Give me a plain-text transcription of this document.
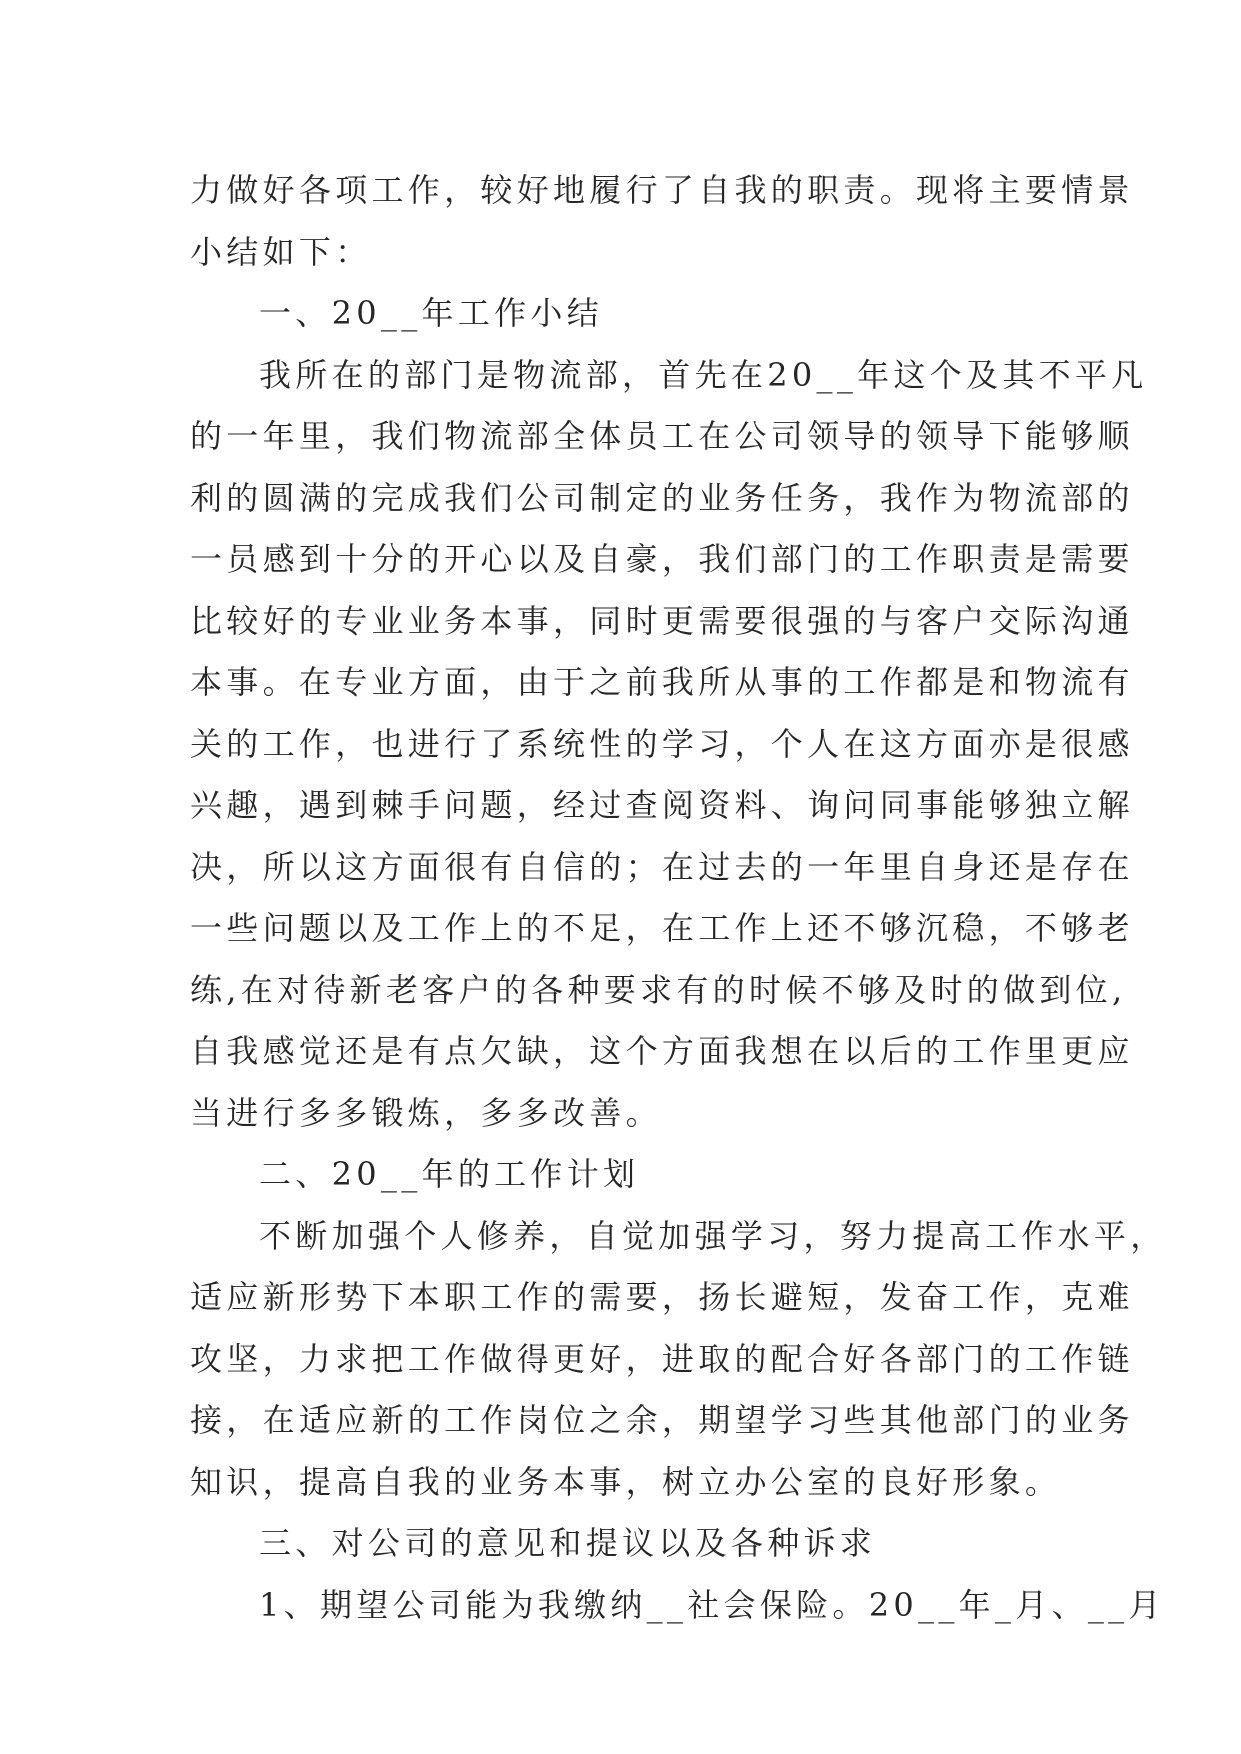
力做好各项工作，较好地履行了自我的职责。现将主要情景
小结如下：
一、20__年工作小结
我所在的部门是物流部，首先在20__年这个及其不平凡
的一年里，我们物流部全体员工在公司领导的领导下能够顺
利的圆满的完成我们公司制定的业务任务，我作为物流部的
一员感到十分的开心以及自豪，我们部门的工作职责是需要
比较好的专业业务本事，同时更需要很强的与客户交际沟通
本事。在专业方面，由于之前我所从事的工作都是和物流有
关的工作，也进行了系统性的学习，个人在这方面亦是很感
兴趣，遇到棘手问题，经过查阅资料、询问同事能够独立解
决，所以这方面很有自信的；在过去的一年里自身还是存在
一些问题以及工作上的不足，在工作上还不够沉稳，不够老
练,在对待新老客户的各种要求有的时候不够及时的做到位,
自我感觉还是有点欠缺，这个方面我想在以后的工作里更应
当进行多多锻炼，多多改善。
二、20__年的工作计划
不断加强个人修养，自觉加强学习，努力提高工作水平，
适应新形势下本职工作的需要，扬长避短，发奋工作，克难
攻坚，力求把工作做得更好，进取的配合好各部门的工作链
接，在适应新的工作岗位之余，期望学习些其他部门的业务
知识，提高自我的业务本事，树立办公室的良好形象。
三、对公司的意见和提议以及各种诉求
1、期望公司能为我缴纳__社会保险。20__年_月、__月
